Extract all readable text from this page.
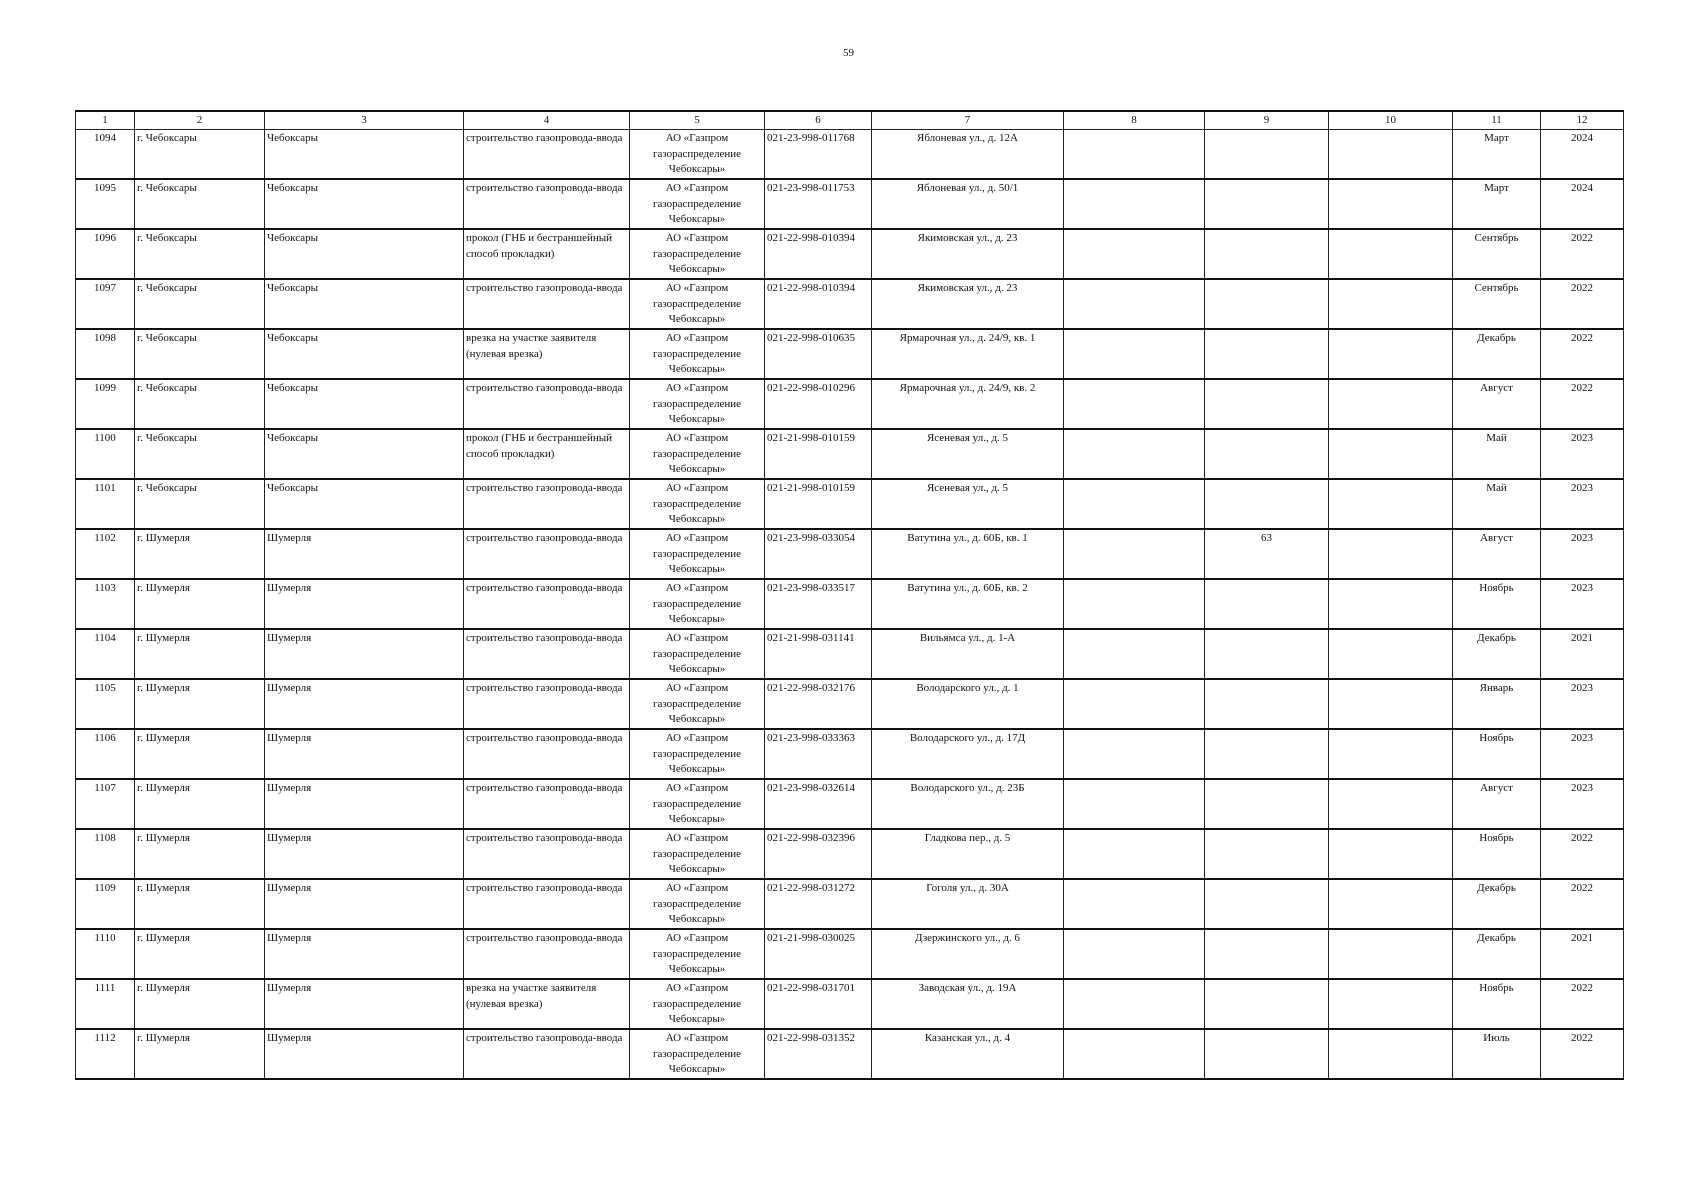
59
1	2	3	4	5	6	7	8	9	10	11	12
1094	г. Чебоксары	Чебоксары	строительство газопровода-ввода	АО «Газпром газораспределение Чебоксары»	021-23-998-011768	Яблоневая ул., д. 12А				Март	2024
1095	г. Чебоксары	Чебоксары	строительство газопровода-ввода	АО «Газпром газораспределение Чебоксары»	021-23-998-011753	Яблоневая ул., д. 50/1				Март	2024
1096	г. Чебоксары	Чебоксары	прокол (ГНБ и бестраншейный способ прокладки)	АО «Газпром газораспределение Чебоксары»	021-22-998-010394	Якимовская ул., д. 23				Сентябрь	2022
1097	г. Чебоксары	Чебоксары	строительство газопровода-ввода	АО «Газпром газораспределение Чебоксары»	021-22-998-010394	Якимовская ул., д. 23				Сентябрь	2022
1098	г. Чебоксары	Чебоксары	врезка на участке заявителя (нулевая врезка)	АО «Газпром газораспределение Чебоксары»	021-22-998-010635	Ярмарочная ул., д. 24/9, кв. 1				Декабрь	2022
1099	г. Чебоксары	Чебоксары	строительство газопровода-ввода	АО «Газпром газораспределение Чебоксары»	021-22-998-010296	Ярмарочная ул., д. 24/9, кв. 2				Август	2022
1100	г. Чебоксары	Чебоксары	прокол (ГНБ и бестраншейный способ прокладки)	АО «Газпром газораспределение Чебоксары»	021-21-998-010159	Ясеневая ул., д. 5				Май	2023
1101	г. Чебоксары	Чебоксары	строительство газопровода-ввода	АО «Газпром газораспределение Чебоксары»	021-21-998-010159	Ясеневая ул., д. 5				Май	2023
1102	г. Шумерля	Шумерля	строительство газопровода-ввода	АО «Газпром газораспределение Чебоксары»	021-23-998-033054	Ватутина ул., д. 60Б, кв. 1		63		Август	2023
1103	г. Шумерля	Шумерля	строительство газопровода-ввода	АО «Газпром газораспределение Чебоксары»	021-23-998-033517	Ватутина ул., д. 60Б, кв. 2				Ноябрь	2023
1104	г. Шумерля	Шумерля	строительство газопровода-ввода	АО «Газпром газораспределение Чебоксары»	021-21-998-031141	Вильямса ул., д. 1-А				Декабрь	2021
1105	г. Шумерля	Шумерля	строительство газопровода-ввода	АО «Газпром газораспределение Чебоксары»	021-22-998-032176	Володарского ул., д. 1				Январь	2023
1106	г. Шумерля	Шумерля	строительство газопровода-ввода	АО «Газпром газораспределение Чебоксары»	021-23-998-033363	Володарского ул., д. 17Д				Ноябрь	2023
1107	г. Шумерля	Шумерля	строительство газопровода-ввода	АО «Газпром газораспределение Чебоксары»	021-23-998-032614	Володарского ул., д. 23Б				Август	2023
1108	г. Шумерля	Шумерля	строительство газопровода-ввода	АО «Газпром газораспределение Чебоксары»	021-22-998-032396	Гладкова пер., д. 5				Ноябрь	2022
1109	г. Шумерля	Шумерля	строительство газопровода-ввода	АО «Газпром газораспределение Чебоксары»	021-22-998-031272	Гоголя ул., д. 30А				Декабрь	2022
1110	г. Шумерля	Шумерля	строительство газопровода-ввода	АО «Газпром газораспределение Чебоксары»	021-21-998-030025	Дзержинского ул., д. 6				Декабрь	2021
1111	г. Шумерля	Шумерля	врезка на участке заявителя (нулевая врезка)	АО «Газпром газораспределение Чебоксары»	021-22-998-031701	Заводская ул., д. 19А				Ноябрь	2022
1112	г. Шумерля	Шумерля	строительство газопровода-ввода	АО «Газпром газораспределение Чебоксары»	021-22-998-031352	Казанская ул., д. 4				Июль	2022
